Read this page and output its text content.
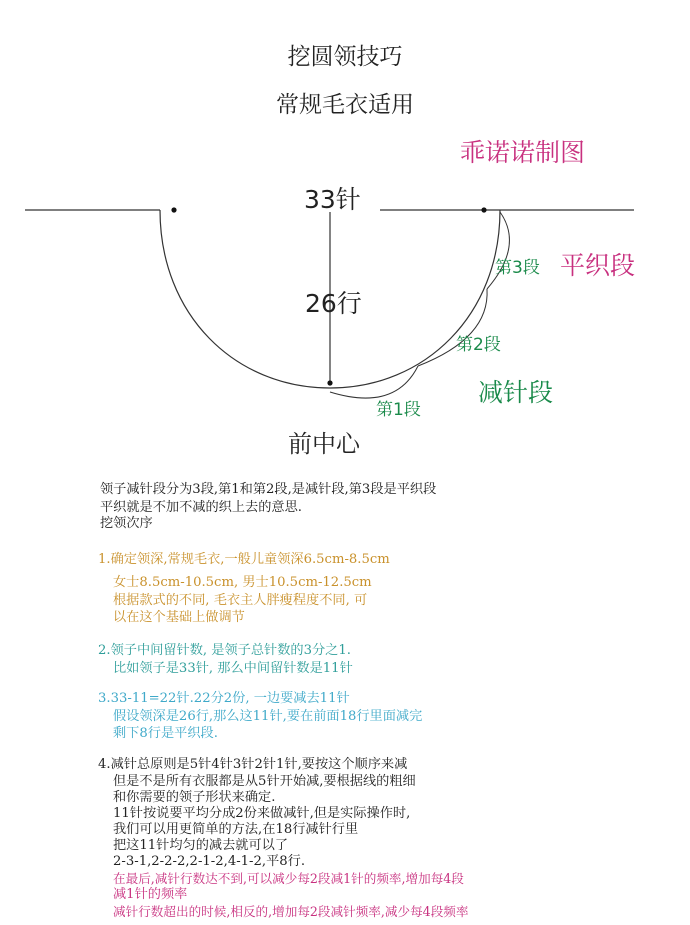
挖圆领技巧
常规毛衣适用
乖诺诺制图
33针
26行
前中心
第3段 平织段
第2段
减针段
第1段
领子减针段分为3段,第1和第2段,是减针段,第3段是平织段
平织就是不加不减的织上去的意思.
挖领次序
1.确定领深,常规毛衣,一般儿童领深6.5cm-8.5cm
女士8.5cm-10.5cm, 男士10.5cm-12.5cm
根据款式的不同, 毛衣主人胖瘦程度不同, 可
以在这个基础上做调节
2.领子中间留针数, 是领子总针数的3分之1.
比如领子是33针, 那么中间留针数是11针
3.33-11=22针.22分2份, 一边要减去11针
假设领深是26行,那么这11针,要在前面18行里面减完
剩下8行是平织段.
4.减针总原则是5针4针3针2针1针,要按这个顺序来减
但是不是所有衣服都是从5针开始减,要根据线的粗细
和你需要的领子形状来确定.
11针按说要平均分成2份来做减针,但是实际操作时,
我们可以用更简单的方法,在18行减针行里
把这11针均匀的减去就可以了
2-3-1,2-2-2,2-1-2,4-1-2,平8行.
在最后,减针行数达不到,可以减少每2段减1针的频率,增加每4段
减1针的频率
减针行数超出的时候,相反的,增加每2段减针频率,减少每4段频率
